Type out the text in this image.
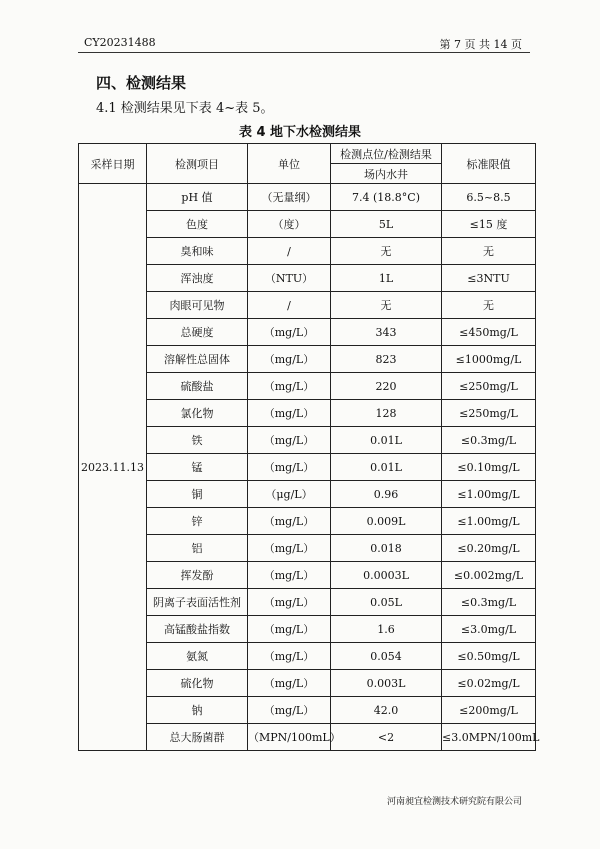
CY20231488	第 7 页 共 14 页
四、检测结果
4.1 检测结果见下表 4~表 5。
表 4 地下水检测结果
采样日期	检测项目	单位	检测点位/检测结果	标准限值
			场内水井	
2023.11.13	pH 值	（无量纲）	7.4 (18.8°C)	6.5~8.5
	色度	（度）	5L	≤15 度
	臭和味	/	无	无
	浑浊度	（NTU）	1L	≤3NTU
	肉眼可见物	/	无	无
	总硬度	（mg/L）	343	≤450mg/L
	溶解性总固体	（mg/L）	823	≤1000mg/L
	硫酸盐	（mg/L）	220	≤250mg/L
	氯化物	（mg/L）	128	≤250mg/L
	铁	（mg/L）	0.01L	≤0.3mg/L
	锰	（mg/L）	0.01L	≤0.10mg/L
	铜	（μg/L）	0.96	≤1.00mg/L
	锌	（mg/L）	0.009L	≤1.00mg/L
	铝	（mg/L）	0.018	≤0.20mg/L
	挥发酚	（mg/L）	0.0003L	≤0.002mg/L
	阴离子表面活性剂	（mg/L）	0.05L	≤0.3mg/L
	高锰酸盐指数	（mg/L）	1.6	≤3.0mg/L
	氨氮	（mg/L）	0.054	≤0.50mg/L
	硫化物	（mg/L）	0.003L	≤0.02mg/L
	钠	（mg/L）	42.0	≤200mg/L
	总大肠菌群	（MPN/100mL）	<2	≤3.0MPN/100mL
河南昶宜检测技术研究院有限公司
